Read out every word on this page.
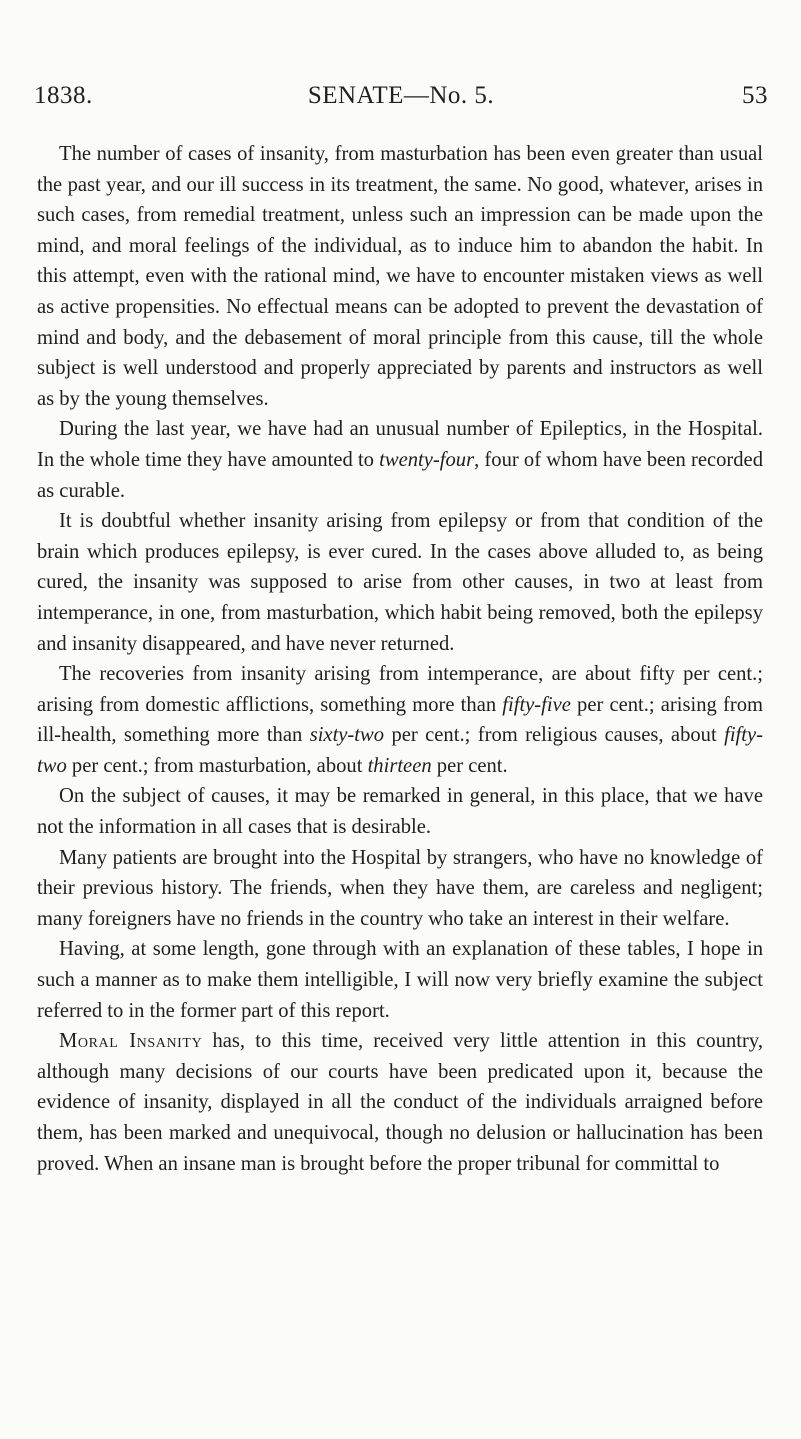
1838.	SENATE—No. 5.	53

The number of cases of insanity, from masturbation has been even greater than usual the past year, and our ill success in its treatment, the same. No good, whatever, arises in such cases, from remedial treatment, unless such an impression can be made upon the mind, and moral feelings of the individual, as to induce him to abandon the habit. In this attempt, even with the rational mind, we have to encounter mistaken views as well as active propensities. No effectual means can be adopted to prevent the devastation of mind and body, and the debasement of moral principle from this cause, till the whole subject is well understood and properly appreciated by parents and instructors as well as by the young themselves.

During the last year, we have had an unusual number of Epileptics, in the Hospital. In the whole time they have amounted to twenty-four, four of whom have been recorded as curable.

It is doubtful whether insanity arising from epilepsy or from that condition of the brain which produces epilepsy, is ever cured. In the cases above alluded to, as being cured, the insanity was supposed to arise from other causes, in two at least from intemperance, in one, from masturbation, which habit being removed, both the epilepsy and insanity disappeared, and have never returned.

The recoveries from insanity arising from intemperance, are about fifty per cent.; arising from domestic afflictions, something more than fifty-five per cent.; arising from ill-health, something more than sixty-two per cent.; from religious causes, about fifty-two per cent.; from masturbation, about thirteen per cent.

On the subject of causes, it may be remarked in general, in this place, that we have not the information in all cases that is desirable.

Many patients are brought into the Hospital by strangers, who have no knowledge of their previous history. The friends, when they have them, are careless and negligent; many foreigners have no friends in the country who take an interest in their welfare.

Having, at some length, gone through with an explanation of these tables, I hope in such a manner as to make them intelligible, I will now very briefly examine the subject referred to in the former part of this report.

Moral Insanity has, to this time, received very little attention in this country, although many decisions of our courts have been predicated upon it, because the evidence of insanity, displayed in all the conduct of the individuals arraigned before them, has been marked and unequivocal, though no delusion or hallucination has been proved. When an insane man is brought before the proper tribunal for committal to
